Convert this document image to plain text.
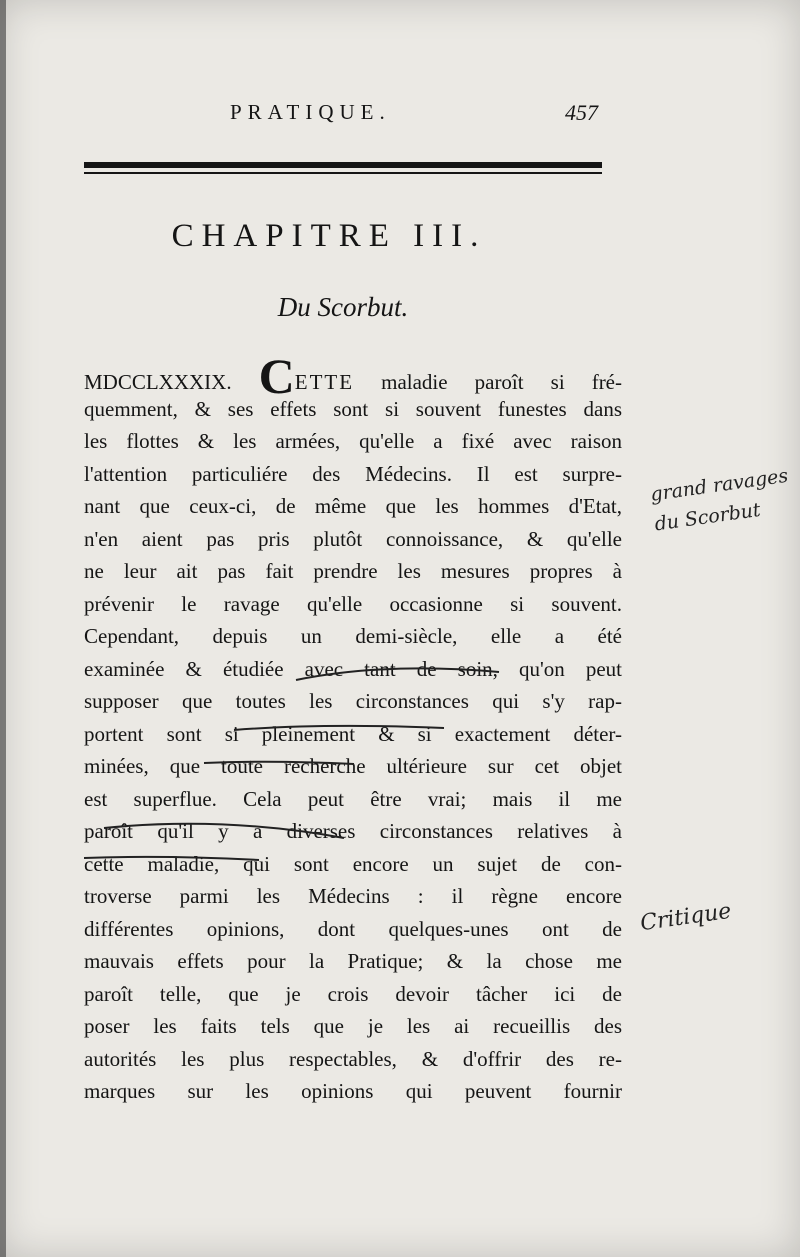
PRATIQUE.	457
CHAPITRE III.
Du Scorbut.
MDCCLXXXIX. CETTE maladie paroît si fré-
quemment, & ses effets sont si souvent funestes dans
les flottes & les armées, qu'elle a fixé avec raison
l'attention particuliére des Médecins. Il est surpre-
nant que ceux-ci, de même que les hommes d'Etat,
n'en aient pas pris plutôt connoissance, & qu'elle
ne leur ait pas fait prendre les mesures propres à
prévenir le ravage qu'elle occasionne si souvent.
Cependant, depuis un demi-siècle, elle a été
examinée & étudiée avec tant de soin, qu'on peut
supposer que toutes les circonstances qui s'y rap-
portent sont si pleinement & si exactement déter-
minées, que toute recherche ultérieure sur cet objet
est superflue. Cela peut être vrai; mais il me
paroît qu'il y a diverses circonstances relatives à
cette maladie, qui sont encore un sujet de con-
troverse parmi les Médecins : il règne encore
différentes opinions, dont quelques-unes ont de
mauvais effets pour la Pratique; & la chose me
paroît telle, que je crois devoir tâcher ici de
poser les faits tels que je les ai recueillis des
autorités les plus respectables, & d'offrir des re-
marques sur les opinions qui peuvent fournir
grand ravages du Scorbut
Critique
